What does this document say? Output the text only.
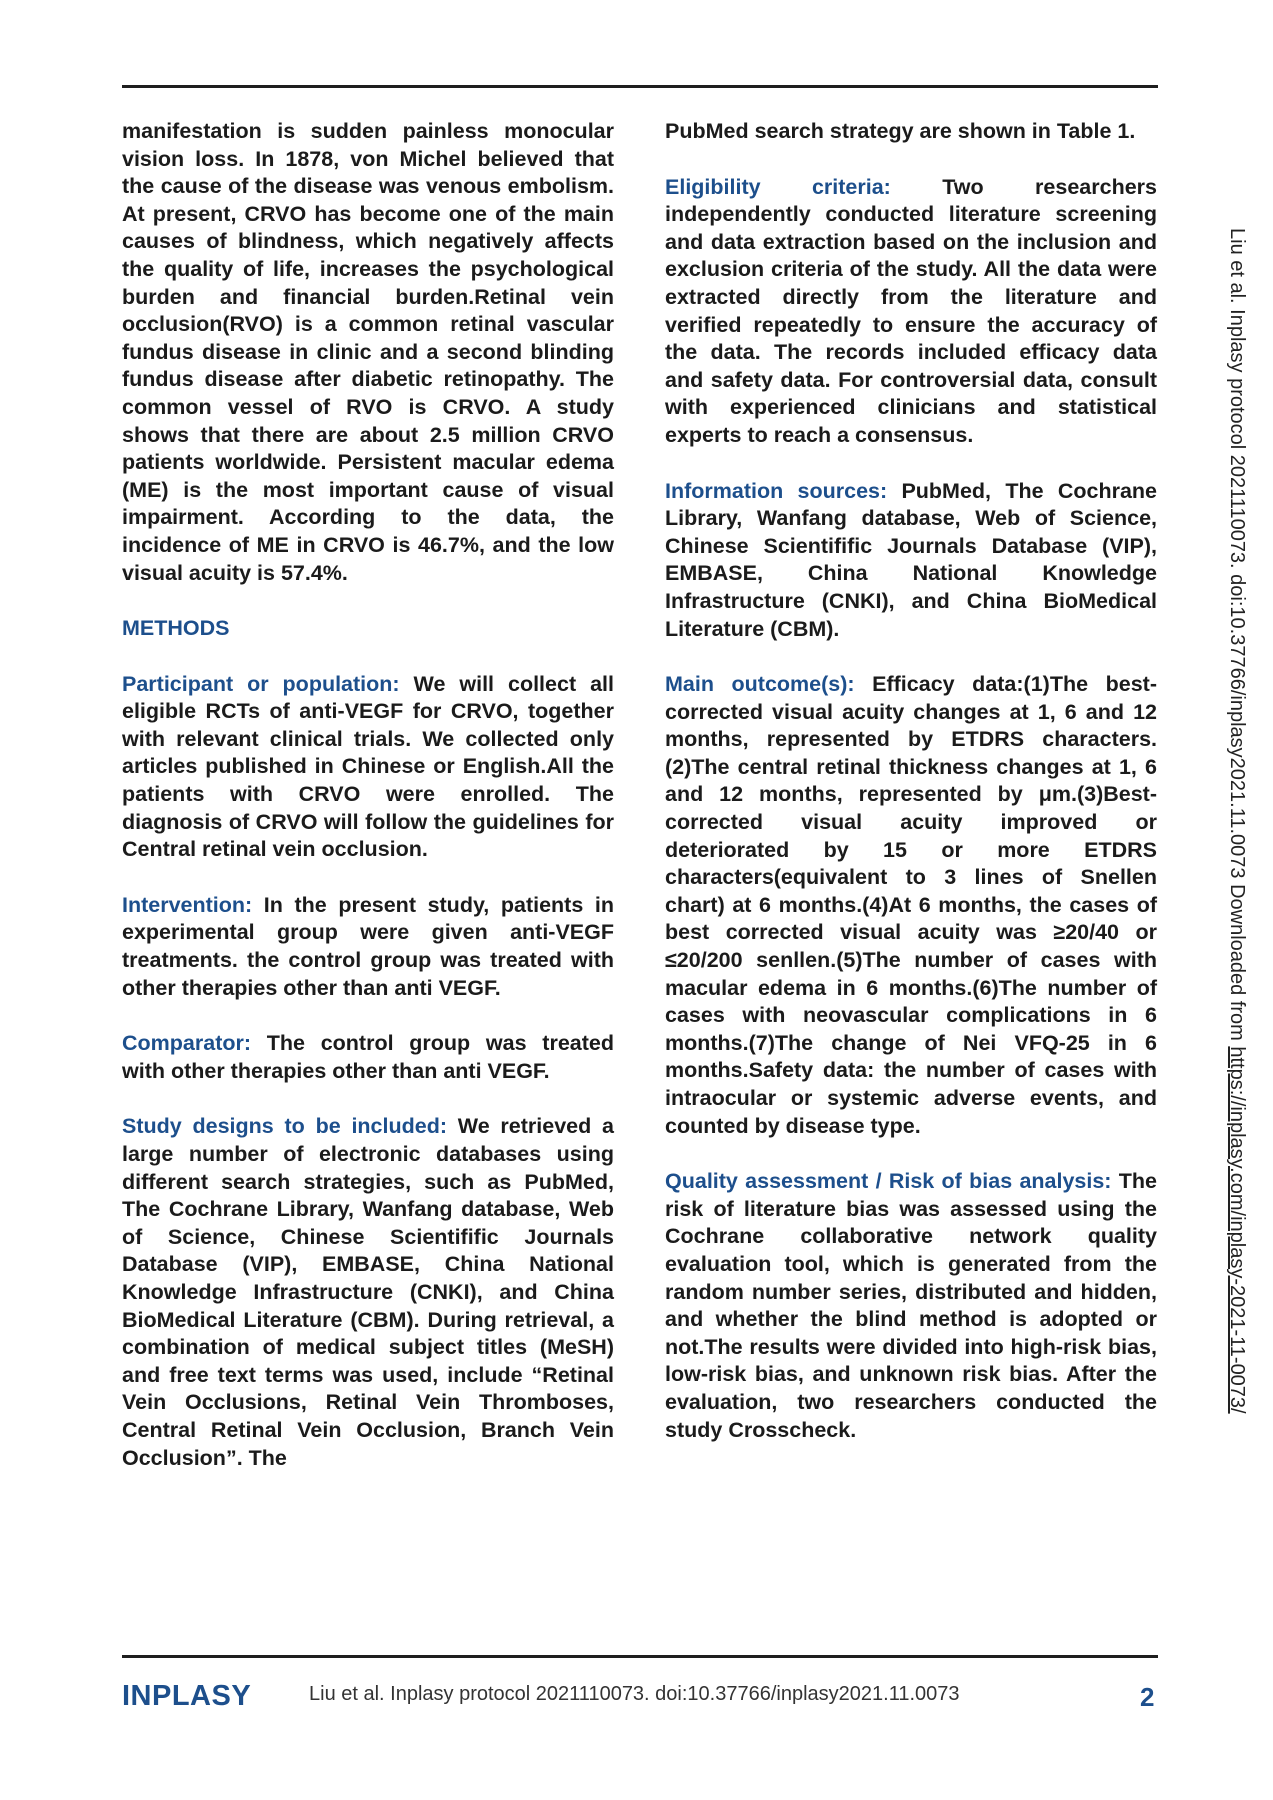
manifestation is sudden painless monocular vision loss. In 1878, von Michel believed that the cause of the disease was venous embolism. At present, CRVO has become one of the main causes of blindness, which negatively affects the quality of life, increases the psychological burden and financial burden.Retinal vein occlusion(RVO) is a common retinal vascular fundus disease in clinic and a second blinding fundus disease after diabetic retinopathy. The common vessel of RVO is CRVO. A study shows that there are about 2.5 million CRVO patients worldwide. Persistent macular edema (ME) is the most important cause of visual impairment. According to the data, the incidence of ME in CRVO is 46.7%, and the low visual acuity is 57.4%.

METHODS

Participant or population: We will collect all eligible RCTs of anti-VEGF for CRVO, together with relevant clinical trials. We collected only articles published in Chinese or English.All the patients with CRVO were enrolled. The diagnosis of CRVO will follow the guidelines for Central retinal vein occlusion.

Intervention: In the present study, patients in experimental group were given anti-VEGF treatments. the control group was treated with other therapies other than anti VEGF.

Comparator: The control group was treated with other therapies other than anti VEGF.

Study designs to be included: We retrieved a large number of electronic databases using different search strategies, such as PubMed, The Cochrane Library, Wanfang database, Web of Science, Chinese Scientifific Journals Database (VIP), EMBASE, China National Knowledge Infrastructure (CNKI), and China BioMedical Literature (CBM). During retrieval, a combination of medical subject titles (MeSH) and free text terms was used, include “Retinal Vein Occlusions, Retinal Vein Thromboses, Central Retinal Vein Occlusion, Branch Vein Occlusion”. The

PubMed search strategy are shown in Table 1.

Eligibility criteria: Two researchers independently conducted literature screening and data extraction based on the inclusion and exclusion criteria of the study. All the data were extracted directly from the literature and verified repeatedly to ensure the accuracy of the data. The records included efficacy data and safety data. For controversial data, consult with experienced clinicians and statistical experts to reach a consensus.

Information sources: PubMed, The Cochrane Library, Wanfang database, Web of Science, Chinese Scientifific Journals Database (VIP), EMBASE, China National Knowledge Infrastructure (CNKI), and China BioMedical Literature (CBM).

Main outcome(s): Efficacy data:(1)The best-corrected visual acuity changes at 1, 6 and 12 months, represented by ETDRS characters.(2)The central retinal thickness changes at 1, 6 and 12 months, represented by μm.(3)Best-corrected visual acuity improved or deteriorated by 15 or more ETDRS characters(equivalent to 3 lines of Snellen chart) at 6 months.(4)At 6 months, the cases of best corrected visual acuity was ≥20/40 or ≤20/200 senllen.(5)The number of cases with macular edema in 6 months.(6)The number of cases with neovascular complications in 6 months.(7)The change of Nei VFQ-25 in 6 months.Safety data: the number of cases with intraocular or systemic adverse events, and counted by disease type.

Quality assessment / Risk of bias analysis: The risk of literature bias was assessed using the Cochrane collaborative network quality evaluation tool, which is generated from the random number series, distributed and hidden, and whether the blind method is adopted or not.The results were divided into high-risk bias, low-risk bias, and unknown risk bias. After the evaluation, two researchers conducted the study Crosscheck.

Liu et al. Inplasy protocol 2021110073. doi:10.37766/inplasy2021.11.0073 Downloaded from https://inplasy.com/inplasy-2021-11-0073/
INPLASY	Liu et al. Inplasy protocol 2021110073. doi:10.37766/inplasy2021.11.0073	2
